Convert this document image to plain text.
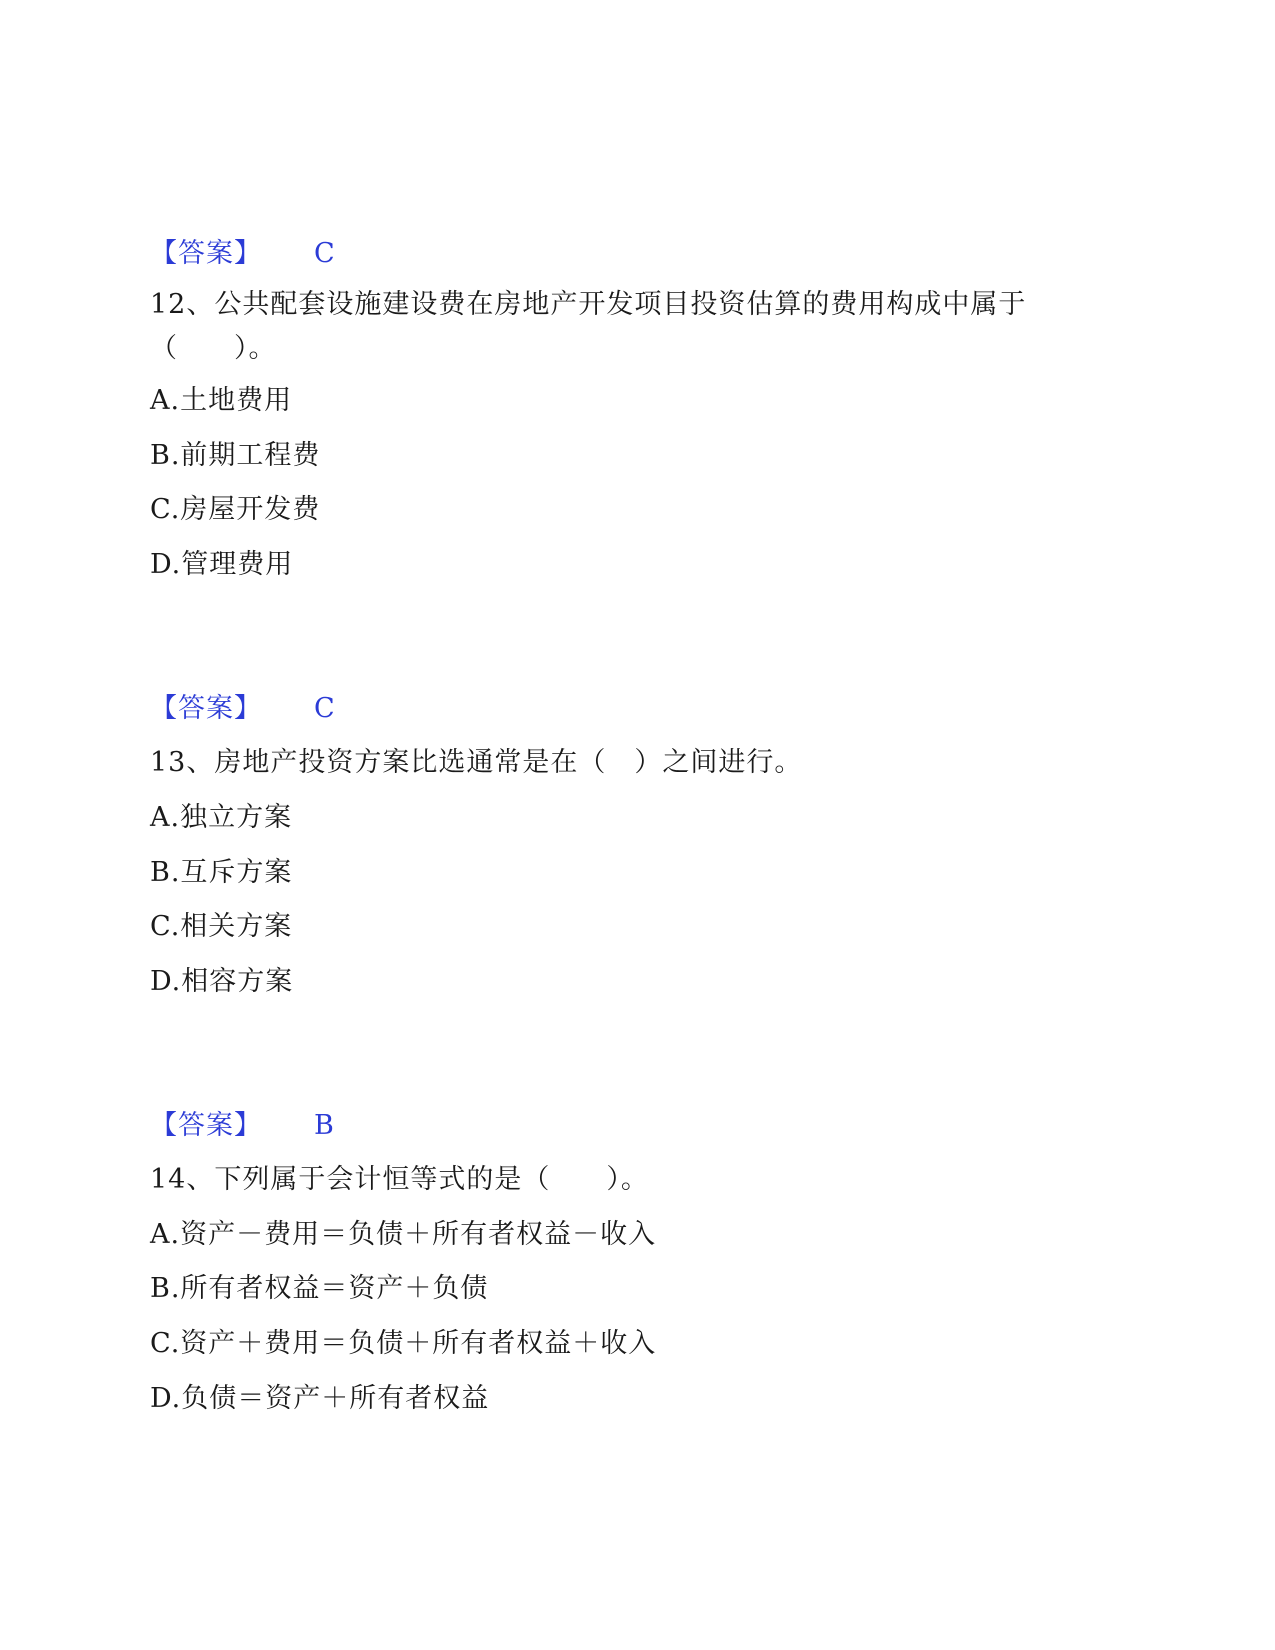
【答案】 C
12、公共配套设施建设费在房地产开发项目投资估算的费用构成中属于（　　）。
A.土地费用
B.前期工程费
C.房屋开发费
D.管理费用
【答案】 C
13、房地产投资方案比选通常是在（　）之间进行。
A.独立方案
B.互斥方案
C.相关方案
D.相容方案
【答案】 B
14、下列属于会计恒等式的是（　　）。
A.资产－费用＝负债＋所有者权益－收入
B.所有者权益＝资产＋负债
C.资产＋费用＝负债＋所有者权益＋收入
D.负债＝资产＋所有者权益
